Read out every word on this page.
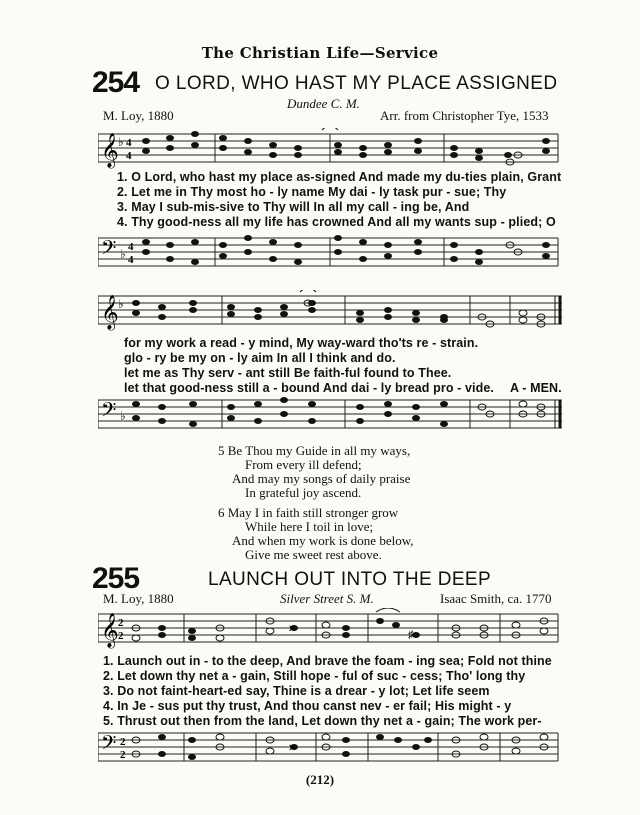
The Christian Life—Service
254 O LORD, WHO HAST MY PLACE ASSIGNED
Dundee C. M.
M. Loy, 1880	Arr. from Christopher Tye, 1533
𝄞 ♭ 4
4
1. O Lord, who hast my place as-signed And made my du-ties plain, Grant
2. Let me in Thy most ho - ly name My dai - ly task pur - sue; Thy
3. May I sub-mis-sive to Thy will In all my call - ing be, And
4. Thy good-ness all my life has crowned And all my wants sup - plied; O
𝄢 ♭ 4
4
𝄞 ♭
for my work a read - y mind, My way-ward tho'ts re - strain.
glo - ry be my on - ly aim In all I think and do.
let me as Thy serv - ant still Be faith-ful found to Thee.
let that good-ness still a - bound And dai - ly bread pro - vide. A - MEN.
𝄢 ♭
5 Be Thou my Guide in all my ways,
From every ill defend;
And may my songs of daily praise
In grateful joy ascend.
6 May I in faith still stronger grow
While here I toil in love;
And when my work is done below,
Give me sweet rest above.
255	LAUNCH OUT INTO THE DEEP
M. Loy, 1880	Silver Street S. M.	Isaac Smith, ca. 1770
𝄞 2
2
✕	♯
1. Launch out in - to the deep, And brave the foam - ing sea; Fold not thine
2. Let down thy net a - gain, Still hope - ful of suc - cess; Tho' long thy
3. Do not faint-heart-ed say, Thine is a drear - y lot; Let life seem
4. In Je - sus put thy trust, And thou canst nev - er fail; His might - y
5. Thrust out then from the land, Let down thy net a - gain; The work per-
𝄢 2
2
✕
(212)
